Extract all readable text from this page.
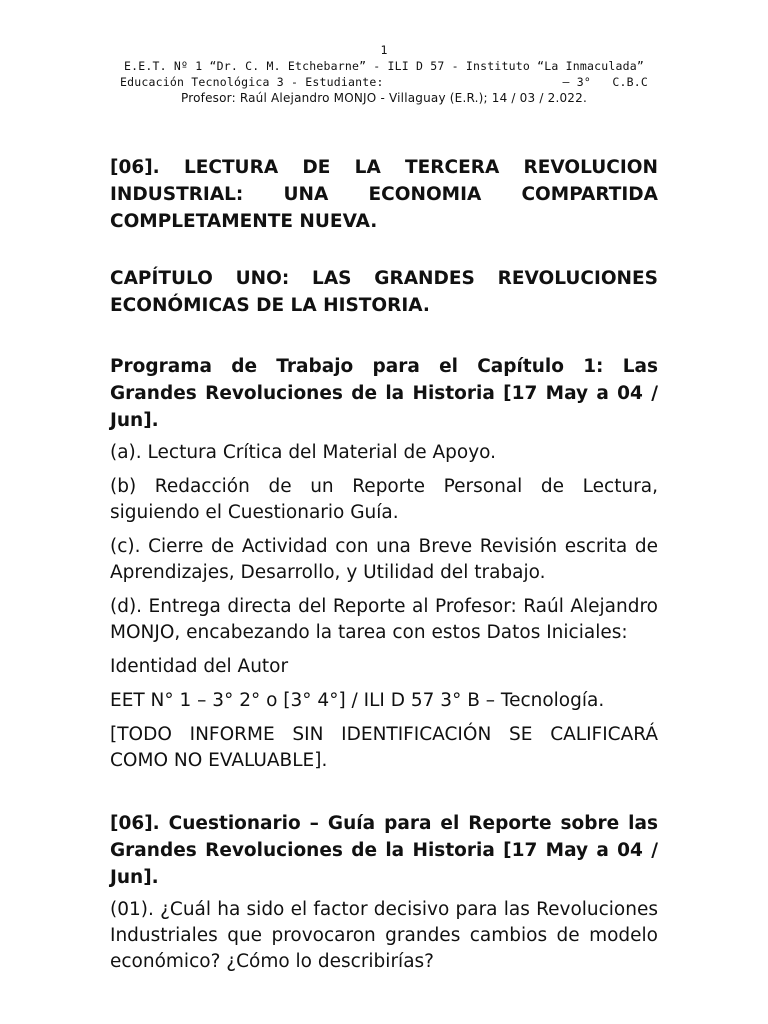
1
E.E.T. Nº 1 “Dr. C. M. Etchebarne” - ILI D 57 - Instituto “La Inmaculada”
Educación Tecnológica 3 - Estudiante:	– 3°   C.B.C
Profesor: Raúl Alejandro MONJO - Villaguay (E.R.); 14 / 03 / 2.022.
[06]. LECTURA DE LA TERCERA REVOLUCION
INDUSTRIAL: UNA ECONOMIA COMPARTIDA
COMPLETAMENTE NUEVA.
CAPÍTULO UNO: LAS GRANDES REVOLUCIONES
ECONÓMICAS DE LA HISTORIA.
Programa de Trabajo para el Capítulo 1: Las Grandes Revoluciones de la Historia [17 May a 04 / Jun].
(a). Lectura Crítica del Material de Apoyo.
(b) Redacción de un Reporte Personal de Lectura, siguiendo el Cuestionario Guía.
(c). Cierre de Actividad con una Breve Revisión escrita de Aprendizajes, Desarrollo, y Utilidad del trabajo.
(d). Entrega directa del Reporte al Profesor: Raúl Alejandro MONJO, encabezando la tarea con estos Datos Iniciales:
Identidad del Autor
EET N° 1 – 3° 2° o [3° 4°] / ILI D 57 3° B – Tecnología.
[TODO INFORME SIN IDENTIFICACIÓN SE CALIFICARÁ COMO NO EVALUABLE].
[06]. Cuestionario – Guía para el Reporte sobre las Grandes Revoluciones de la Historia [17 May a 04 / Jun].
(01). ¿Cuál ha sido el factor decisivo para las Revoluciones Industriales que provocaron grandes cambios de modelo económico? ¿Cómo lo describirías?
